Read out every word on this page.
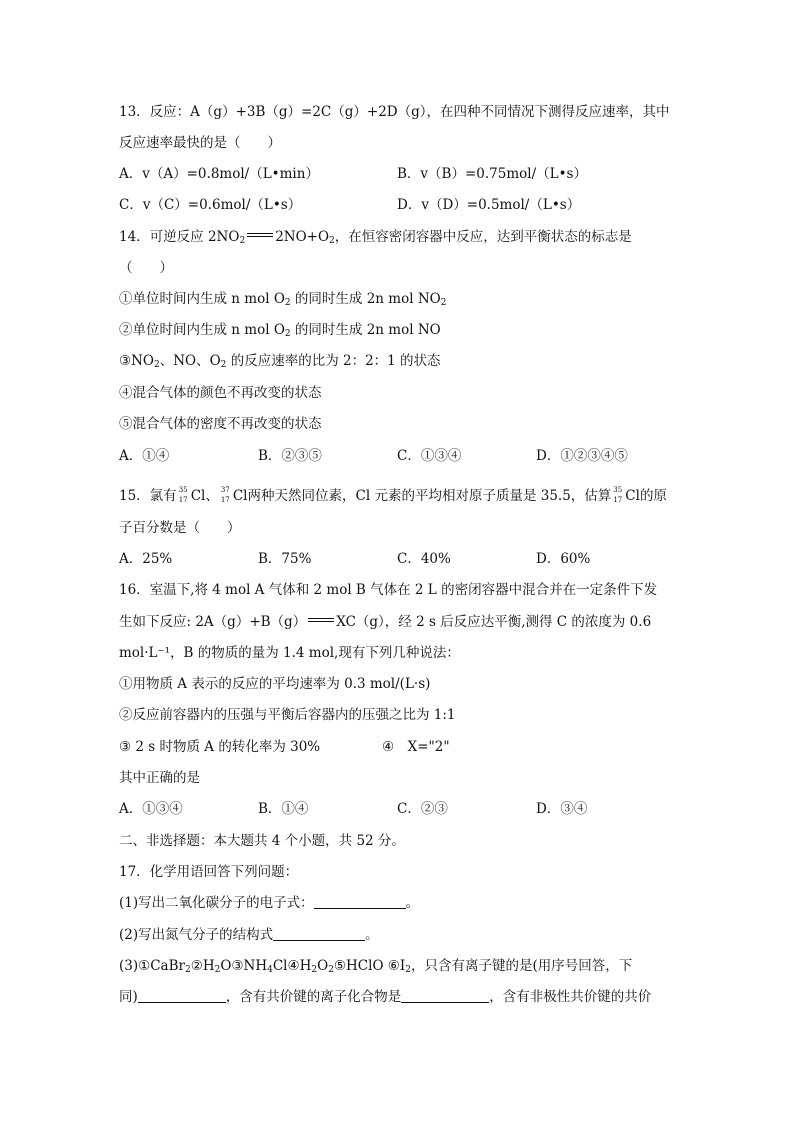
13．反应：A（g）+3B（g）=2C（g）+2D（g），在四种不同情况下测得反应速率，其中
反应速率最快的是（　　）
A．v（A）=0.8mol/（L•min）	B．v（B）=0.75mol/（L•s）
C．v（C）=0.6mol/（L•s）	D．v（D）=0.5mol/（L•s）
14．可逆反应 $2NO_2$ $2NO+O_2$，在恒容密闭容器中反应，达到平衡状态的标志是
（　　）
①单位时间内生成 n mol $O_2$ 的同时生成 2n mol $NO_2$
②单位时间内生成 n mol $O_2$ 的同时生成 2n mol NO
$③NO_2$、NO、$O_2$ 的反应速率的比为 2：2：1 的状态
④混合气体的颜色不再改变的状态
⑤混合气体的密度不再改变的状态
A．①④	B．②③⑤	C．①③④	D．①②③④⑤
15．氯有 35
17 Cl、 37
17 Cl两种天然同位素，Cl 元素的平均相对原子质量是 35.5，估算 35
17 Cl的原
子百分数是（　　）
A．25%	B．75%	C．40%	D．60%
16．室温下,将 4 mol A 气体和 2 mol B 气体在 2 L 的密闭容器中混合并在一定条件下发
生如下反应: 2A（g）+B（g） XC（g），经 2 s 后反应达平衡,测得 C 的浓度为 0.6
mol·L⁻¹，B 的物质的量为 1.4 mol,现有下列几种说法：
①用物质 A 表示的反应的平均速率为 0.3 mol/(L·s)
②反应前容器内的压强与平衡后容器内的压强之比为 1:1
③ 2 s 时物质 A 的转化率为 30%	④　X="2"
其中正确的是
A．①③④	B．①④	C．②③	D．③④
二、非选择题：本大题共 4 个小题，共 52 分。
17．化学用语回答下列问题：
(1)写出二氧化碳分子的电子式：	。
(2)写出氮气分子的结构式	。
$(3)①CaBr_2②H_2O③NH_4Cl④H_2O_2⑤HClO$ $⑥I_2$，只含有离子键的是(用序号回答，下
同)	，含有共价键的离子化合物是	，含有非极性共价键的共价
